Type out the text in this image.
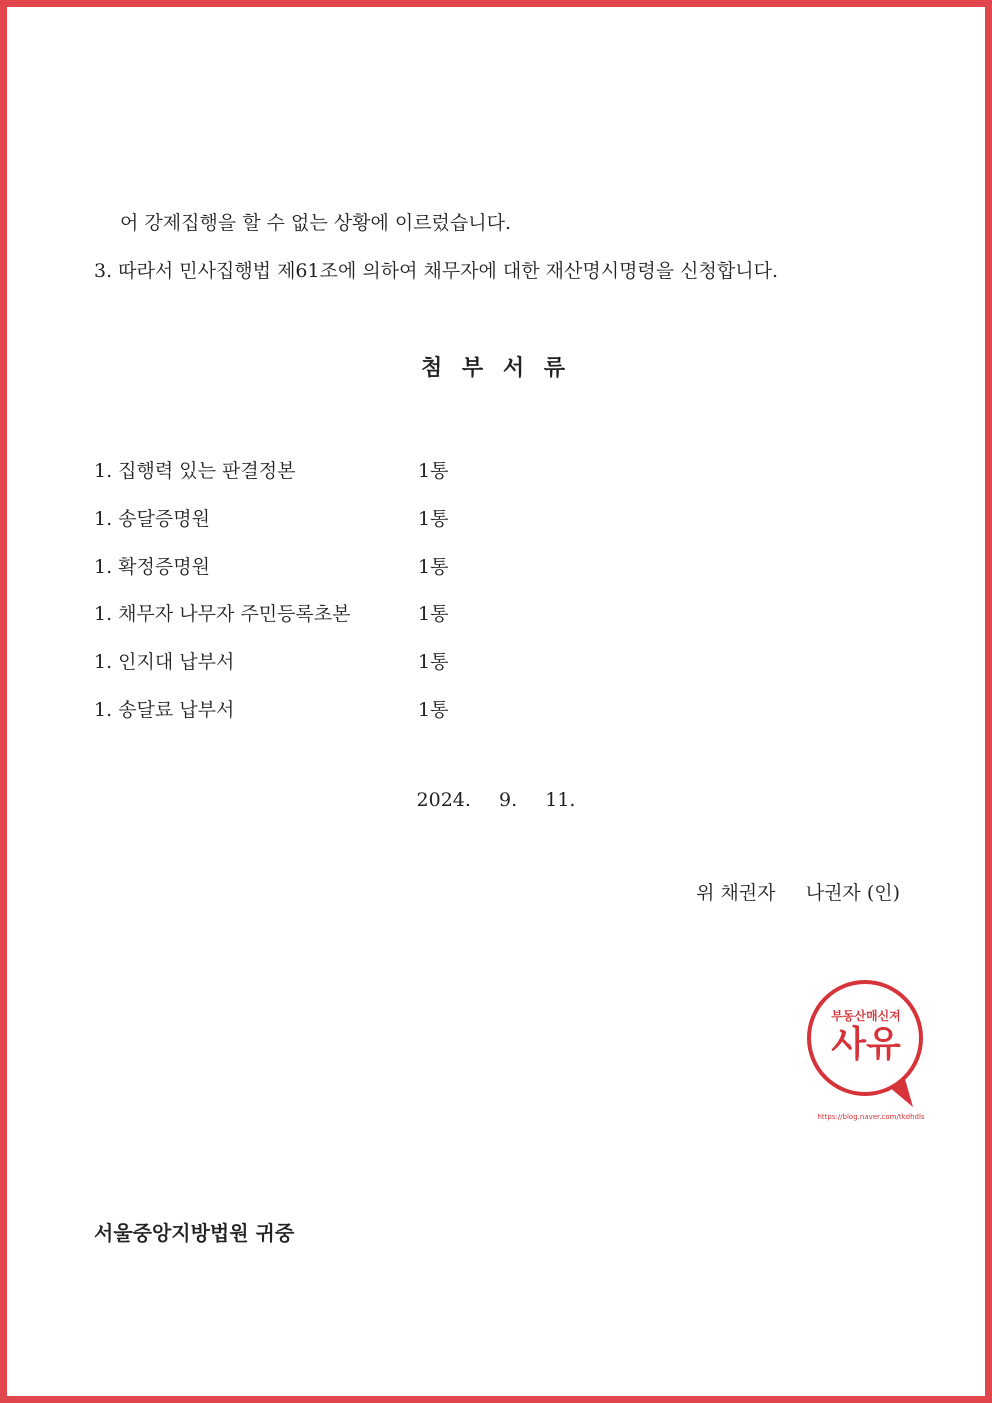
어 강제집행을 할 수 없는 상황에 이르렀습니다.
3. 따라서 민사집행법 제61조에 의하여 채무자에 대한 재산명시명령을 신청합니다.
첨 부 서 류
1. 집행력 있는 판결정본	1통
1. 송달증명원	1통
1. 확정증명원	1통
1. 채무자 나무자 주민등록초본	1통
1. 인지대 납부서	1통
1. 송달료 납부서	1통
2024.  9.  11.
위 채권자     나권자 (인)
부동산매신져
사유
https://blog.naver.com/tkdhdls
서울중앙지방법원 귀중
